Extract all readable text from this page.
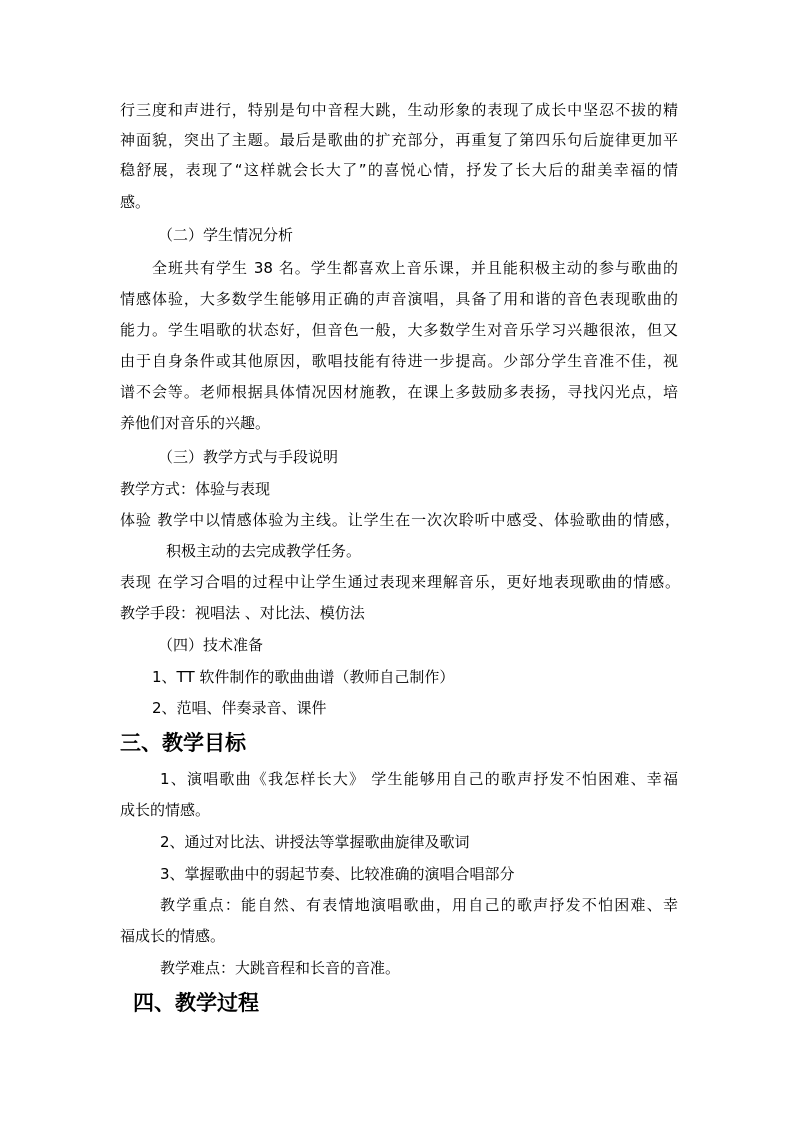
行三度和声进行，特别是句中音程大跳，生动形象的表现了成长中坚忍不拔的精
神面貌，突出了主题。最后是歌曲的扩充部分，再重复了第四乐句后旋律更加平
稳舒展，表现了“这样就会长大了”的喜悦心情，抒发了长大后的甜美幸福的情
感。
（二）学生情况分析
全班共有学生 38 名。学生都喜欢上音乐课，并且能积极主动的参与歌曲的
情感体验，大多数学生能够用正确的声音演唱，具备了用和谐的音色表现歌曲的
能力。学生唱歌的状态好，但音色一般，大多数学生对音乐学习兴趣很浓，但又
由于自身条件或其他原因，歌唱技能有待进一步提高。少部分学生音准不佳，视
谱不会等。老师根据具体情况因材施教，在课上多鼓励多表扬，寻找闪光点，培
养他们对音乐的兴趣。
（三）教学方式与手段说明
教学方式：体验与表现
体验 教学中以情感体验为主线。让学生在一次次聆听中感受、体验歌曲的情感，
积极主动的去完成教学任务。
表现 在学习合唱的过程中让学生通过表现来理解音乐，更好地表现歌曲的情感。
教学手段：视唱法 、对比法、模仿法
（四）技术准备
1、TT 软件制作的歌曲曲谱（教师自己制作）
2、范唱、伴奏录音、课件
三、教学目标
1、演唱歌曲《我怎样长大》 学生能够用自己的歌声抒发不怕困难、幸福
成长的情感。
2、通过对比法、讲授法等掌握歌曲旋律及歌词
3、掌握歌曲中的弱起节奏、比较准确的演唱合唱部分
教学重点：能自然、有表情地演唱歌曲，用自己的歌声抒发不怕困难、幸
福成长的情感。
教学难点：大跳音程和长音的音准。
四、教学过程
